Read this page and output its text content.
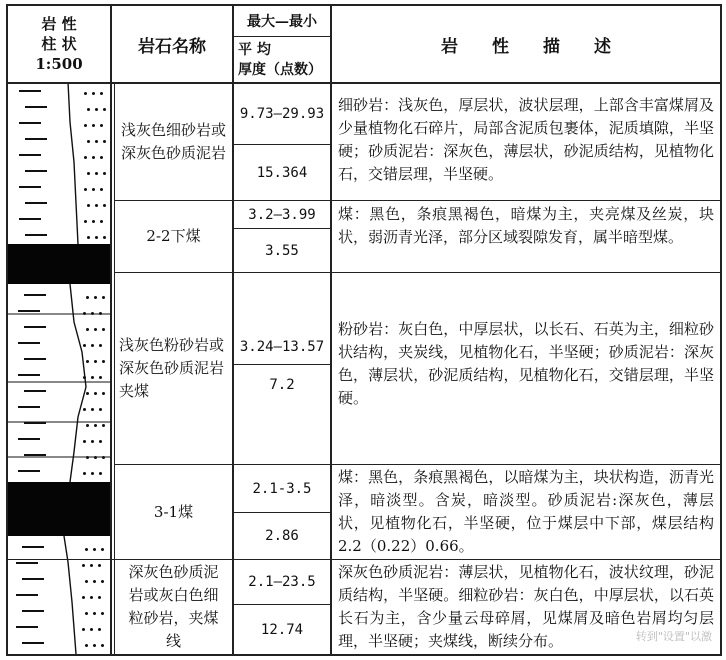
岩 性
柱 状
1:500
岩石名称
最大—最小
平 均
厚度（点数）
岩　　性　　描　　述
浅灰色细砂岩或
深灰色砂质泥岩
9.73—29.93
15.364
细砂岩：浅灰色，厚层状，波状层理，上部含丰富煤屑及少量植物化石碎片，局部含泥质包裹体，泥质填隙，半坚硬；砂质泥岩：深灰色，薄层状，砂泥质结构，见植物化石，交错层理，半坚硬。
2-2下煤
3.2—3.99
3.55
煤：黑色，条痕黑褐色，暗煤为主，夹亮煤及丝炭，块状，弱沥青光泽，部分区域裂隙发育，属半暗型煤。
浅灰色粉砂岩或
深灰色砂质泥岩
夹煤
3.24—13.57
7.2
粉砂岩：灰白色，中厚层状，以长石、石英为主，细粒砂状结构，夹炭线，见植物化石，半坚硬；砂质泥岩：深灰色，薄层状，砂泥质结构，见植物化石，交错层理，半坚硬。
3-1煤
2.1-3.5
2.86
煤：黑色，条痕黑褐色，以暗煤为主，块状构造，沥青光泽，暗淡型。含炭，暗淡型。砂质泥岩:深灰色，薄层状，见植物化石，半坚硬，位于煤层中下部，煤层结构2.2（0.22）0.66。
深灰色砂质泥
岩或灰白色细
粒砂岩，夹煤
线
2.1—23.5
12.74
深灰色砂质泥岩：薄层状，见植物化石，波状纹理，砂泥质结构，半坚硬。细粒砂岩：灰白色，中厚层状，以石英长石为主，含少量云母碎屑，见煤屑及暗色岩屑均匀层理，半坚硬；夹煤线，断续分布。	转到"设置"以激
